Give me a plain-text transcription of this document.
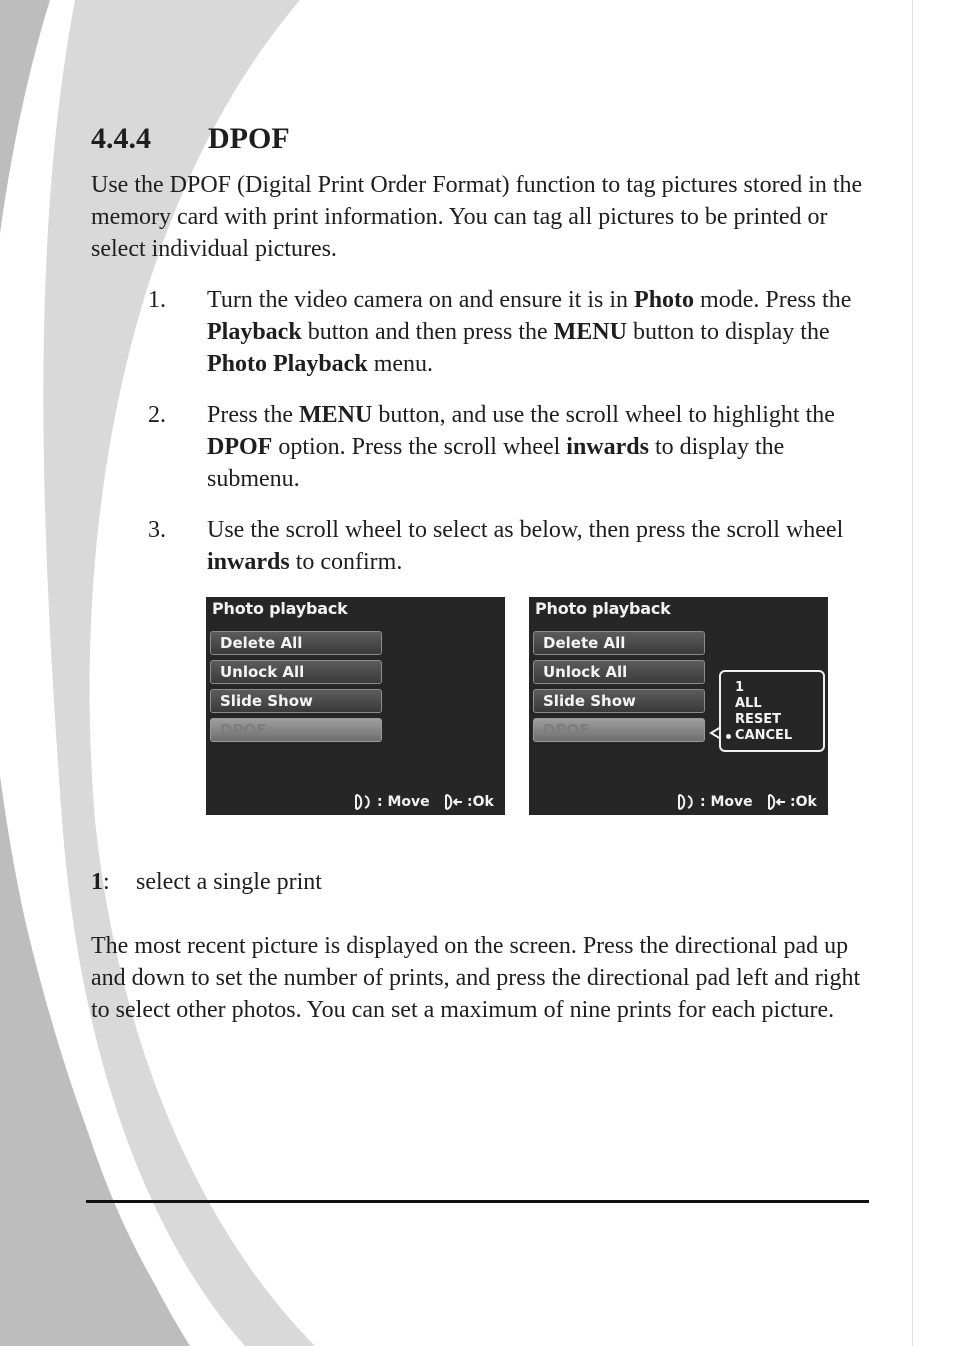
4.4.4 DPOF

Use the DPOF (Digital Print Order Format) function to tag pictures stored in the memory card with print information. You can tag all pictures to be printed or select individual pictures.

1. Turn the video camera on and ensure it is in Photo mode. Press the Playback button and then press the MENU button to display the Photo Playback menu.
2. Press the MENU button, and use the scroll wheel to highlight the DPOF option. Press the scroll wheel inwards to display the submenu.
3. Use the scroll wheel to select as below, then press the scroll wheel inwards to confirm.
Photo playback
Delete All
Unlock All
Slide Show
DPOF
: Move	:Ok
Photo playback
Delete All
Unlock All
Slide Show
DPOF
1
ALL
RESET
CANCEL
: Move	:Ok
1: select a single print

The most recent picture is displayed on the screen. Press the directional pad up and down to set the number of prints, and press the directional pad left and right to select other photos. You can set a maximum of nine prints for each picture.
